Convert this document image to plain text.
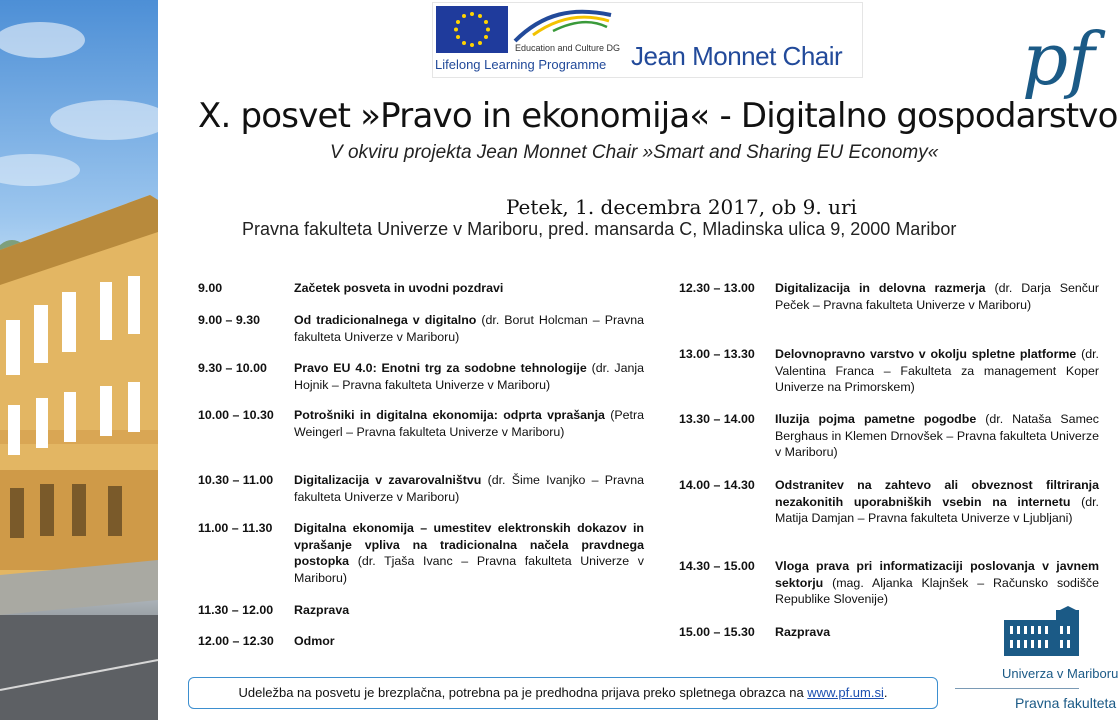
Education and Culture DG
Lifelong Learning Programme Jean Monnet Chair pf
X. posvet »Pravo in ekonomija« - Digitalno gospodarstvo
V okviru projekta Jean Monnet Chair »Smart and Sharing EU Economy«
Petek, 1. decembra 2017, ob 9. uri
Pravna fakulteta Univerze v Mariboru, pred. mansarda C, Mladinska ulica 9, 2000 Maribor
9.00	Začetek posveta in uvodni pozdravi
9.00 – 9.30	Od tradicionalnega v digitalno (dr. Borut Holcman – Pravna fakulteta Univerze v Mariboru)
9.30 – 10.00	Pravo EU 4.0: Enotni trg za sodobne tehnologije (dr. Janja Hojnik – Pravna fakulteta Univerze v Mariboru)
10.00 – 10.30	Potrošniki in digitalna ekonomija: odprta vprašanja (Petra Weingerl – Pravna fakulteta Univerze v Mariboru)
10.30 – 11.00	Digitalizacija v zavarovalništvu (dr. Šime Ivanjko – Pravna fakulteta Univerze v Mariboru)
11.00 – 11.30	Digitalna ekonomija – umestitev elektronskih dokazov in vprašanje vpliva na tradicionalna načela pravdnega postopka (dr. Tjaša Ivanc – Pravna fakulteta Univerze v Mariboru)
11.30 – 12.00	Razprava
12.00 – 12.30	Odmor
12.30 – 13.00	Digitalizacija in delovna razmerja (dr. Darja Senčur Peček – Pravna fakulteta Univerze v Mariboru)
13.00 – 13.30	Delovnopravno varstvo v okolju spletne platforme (dr. Valentina Franca – Fakulteta za management Koper Univerze na Primorskem)
13.30 – 14.00	Iluzija pojma pametne pogodbe (dr. Nataša Samec Berghaus in Klemen Drnovšek – Pravna fakulteta Univerze v Mariboru)
14.00 – 14.30	Odstranitev na zahtevo ali obveznost filtriranja nezakonitih uporabniških vsebin na internetu (dr. Matija Damjan – Pravna fakulteta Univerze v Ljubljani)
14.30 – 15.00	Vloga prava pri informatizaciji poslovanja v javnem sektorju (mag. Aljanka Klajnšek – Računsko sodišče Republike Slovenije)
15.00 – 15.30	Razprava
Udeležba na posvetu je brezplačna, potrebna pa je predhodna prijava preko spletnega obrazca na www.pf.um.si.
Univerza v Mariboru
Pravna fakulteta
